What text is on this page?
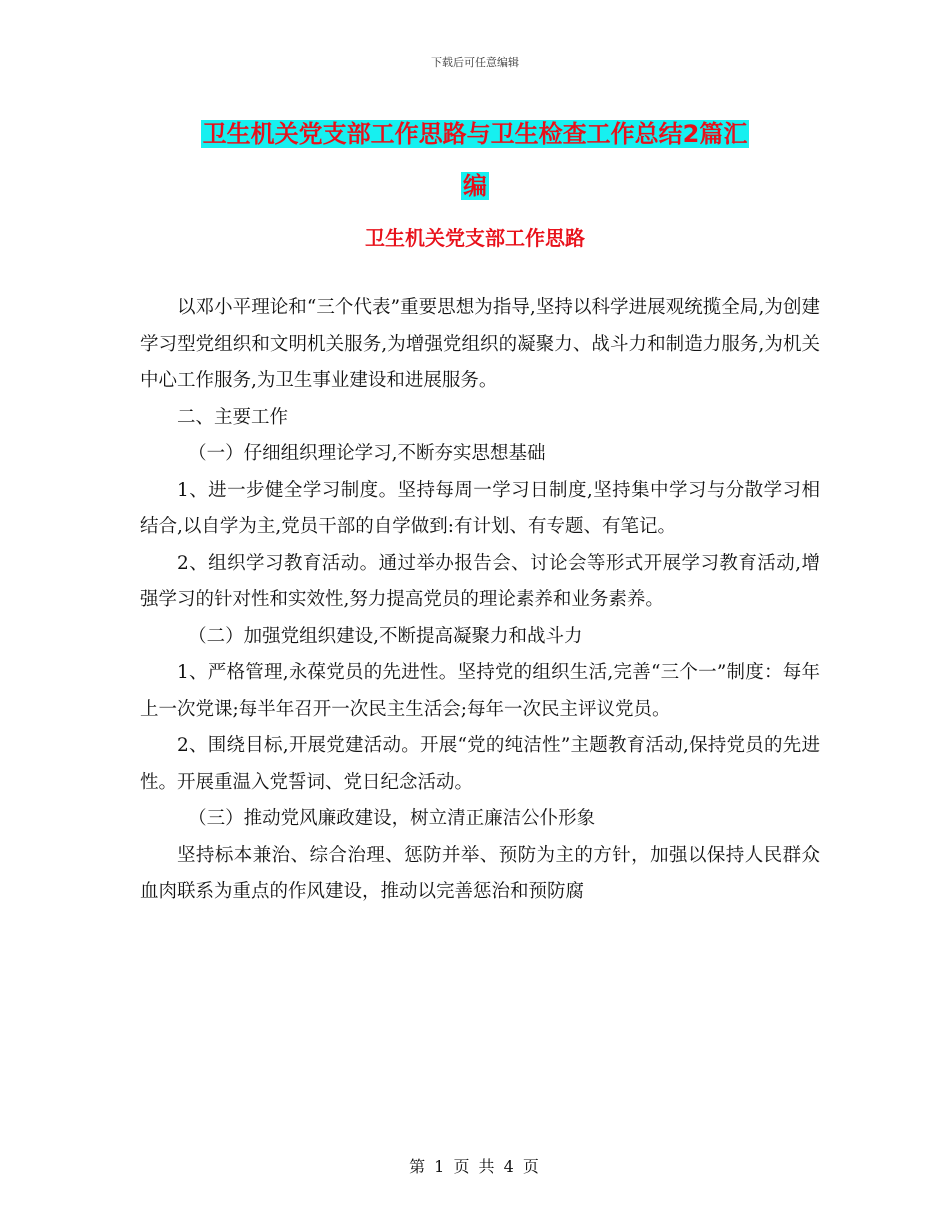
下载后可任意编辑
卫生机关党支部工作思路与卫生检查工作总结2篇汇
编
卫生机关党支部工作思路

以邓小平理论和“三个代表”重要思想为指导,坚持以科学进展观统揽全局,为创建学习型党组织和文明机关服务,为增强党组织的凝聚力、战斗力和制造力服务,为机关中心工作服务,为卫生事业建设和进展服务。

二、主要工作

（一）仔细组织理论学习,不断夯实思想基础

1、进一步健全学习制度。坚持每周一学习日制度,坚持集中学习与分散学习相结合,以自学为主,党员干部的自学做到:有计划、有专题、有笔记。

2、组织学习教育活动。通过举办报告会、讨论会等形式开展学习教育活动,增强学习的针对性和实效性,努力提高党员的理论素养和业务素养。

（二）加强党组织建设,不断提高凝聚力和战斗力

1、严格管理,永葆党员的先进性。坚持党的组织生活,完善“三个一”制度：每年上一次党课;每半年召开一次民主生活会;每年一次民主评议党员。

2、围绕目标,开展党建活动。开展“党的纯洁性”主题教育活动,保持党员的先进性。开展重温入党誓词、党日纪念活动。

（三）推动党风廉政建设，树立清正廉洁公仆形象

坚持标本兼治、综合治理、惩防并举、预防为主的方针，加强以保持人民群众血肉联系为重点的作风建设，推动以完善惩治和预防腐

第 1 页 共 4 页
